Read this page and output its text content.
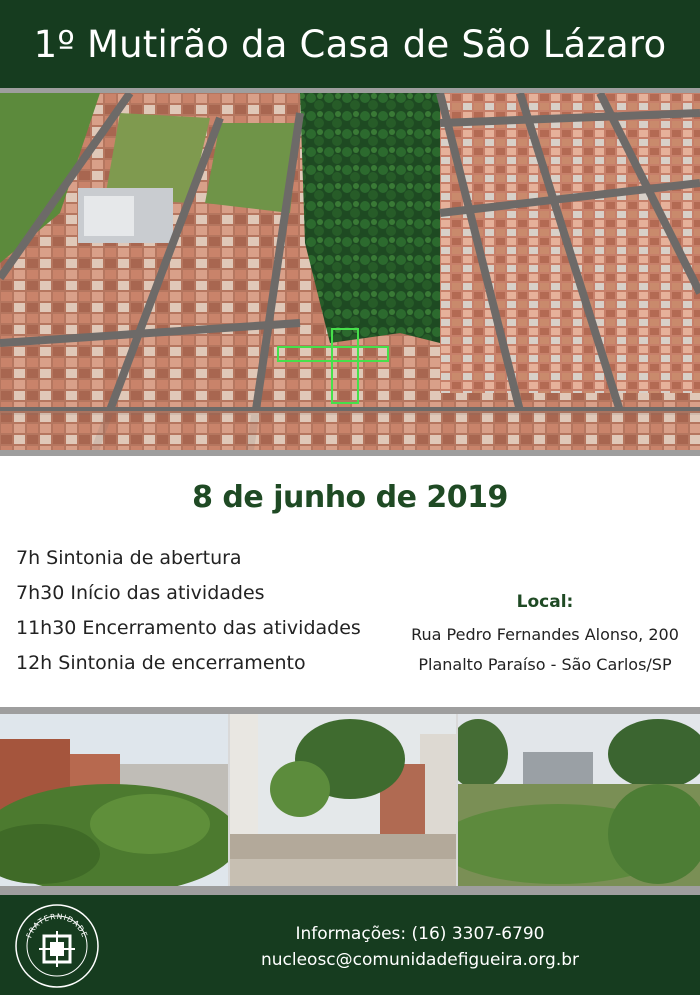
1º Mutirão da Casa de São Lázaro
8 de junho de 2019
7h Sintonia de abertura
7h30 Início das atividades
11h30 Encerramento das atividades
12h Sintonia de encerramento
Local:
Rua Pedro Fernandes Alonso, 200
Planalto Paraíso - São Carlos/SP
FRATERNIDADE	Informações: (16) 3307-6790
nucleosc@comunidadefigueira.org.br
